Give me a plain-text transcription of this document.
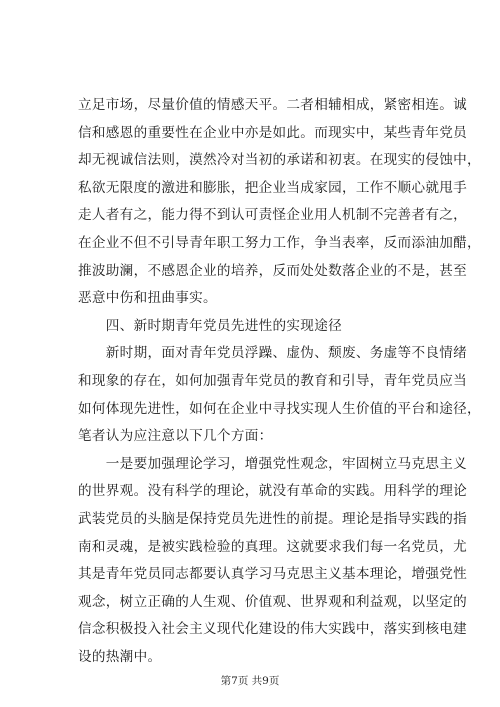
立足市场，尽量价值的情感天平。二者相辅相成，紧密相连。诚
信和感恩的重要性在企业中亦是如此。而现实中，某些青年党员
却无视诚信法则，漠然冷对当初的承诺和初衷。在现实的侵蚀中，
私欲无限度的激进和膨胀，把企业当成家园，工作不顺心就甩手
走人者有之，能力得不到认可责怪企业用人机制不完善者有之，
在企业不但不引导青年职工努力工作，争当表率，反而添油加醋，
推波助澜，不感恩企业的培养，反而处处数落企业的不是，甚至
恶意中伤和扭曲事实。
　　四、新时期青年党员先进性的实现途径
　　新时期，面对青年党员浮躁、虚伪、颓废、务虚等不良情绪
和现象的存在，如何加强青年党员的教育和引导，青年党员应当
如何体现先进性，如何在企业中寻找实现人生价值的平台和途径，
笔者认为应注意以下几个方面：
　　一是要加强理论学习，增强党性观念，牢固树立马克思主义
的世界观。没有科学的理论，就没有革命的实践。用科学的理论
武装党员的头脑是保持党员先进性的前提。理论是指导实践的指
南和灵魂，是被实践检验的真理。这就要求我们每一名党员，尤
其是青年党员同志都要认真学习马克思主义基本理论，增强党性
观念，树立正确的人生观、价值观、世界观和利益观，以坚定的
信念积极投入社会主义现代化建设的伟大实践中，落实到核电建
设的热潮中。
第7页 共9页
